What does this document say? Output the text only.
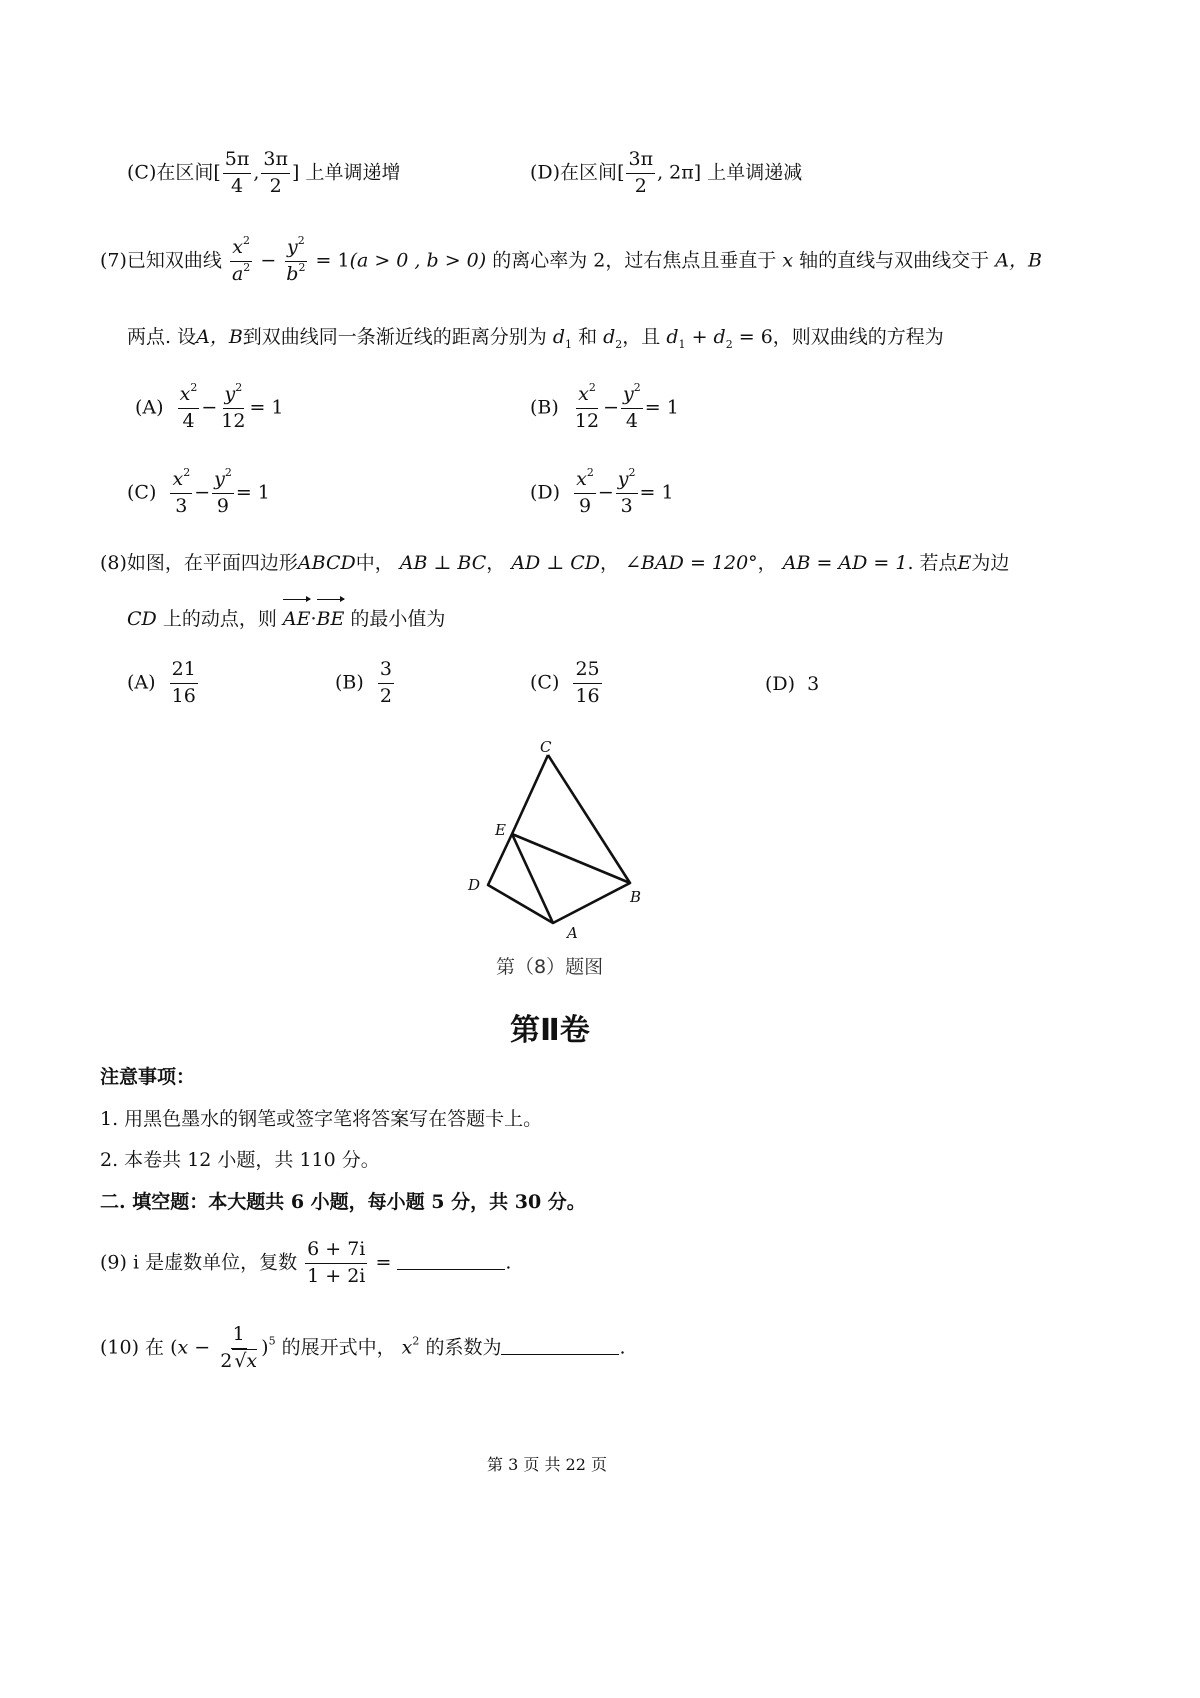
(C)在区间[ $\frac{5\pi}{4}$ , $\frac{3\pi}{2}$ ] 上单调递增	(D)在区间[ $\frac{3\pi}{2}$ , 2π] 上单调递减
(7)已知双曲线 $\frac{x^2}{a^2} - \frac{y^2}{b^2} = 1(a > 0$ , b > 0) 的离心率为 2，过右焦点且垂直于 x 轴的直线与双曲线交于 A，B
两点. 设A，B到双曲线同一条渐近线的距离分别为 $d_1$ 和 $d_2$，且 $d_1 + d_2 = 6$，则双曲线的方程为
$(A) \frac{x^2}{4} - \frac{y^2}{12} = 1$	$(B) \frac{x^2}{12} - \frac{y^2}{4} = 1$
$(C) \frac{x^2}{3} - \frac{y^2}{9} = 1$	$(D) \frac{x^2}{9} - \frac{y^2}{3} = 1$
(8)如图，在平面四边形ABCD中， AB ⊥ BC， AD ⊥ CD， ∠BAD = 120°， AB = AD = 1. 若点E为边
CD 上的动点，则 AE·
BE 的最小值为
$(A) \frac{21}{16}$	$(B) \frac{3}{2}$	$(C) \frac{25}{16}$	(D) 3
C
E
D
B
A
第（8）题图
第Ⅱ卷
注意事项：
1. 用黑色墨水的钢笔或签字笔将答案写在答题卡上。
2. 本卷共 12 小题，共 110 分。
二. 填空题：本大题共 6 小题，每小题 5 分，共 30 分。
(9) i 是虚数单位，复数 $\frac{6 + 7i}{1 + 2i}$ =	.
(10) 在 $(x - \frac{1}{2 √x} )^5$ 的展开式中， $x^2$ 的系数为	.
第 3 页 共 22 页
